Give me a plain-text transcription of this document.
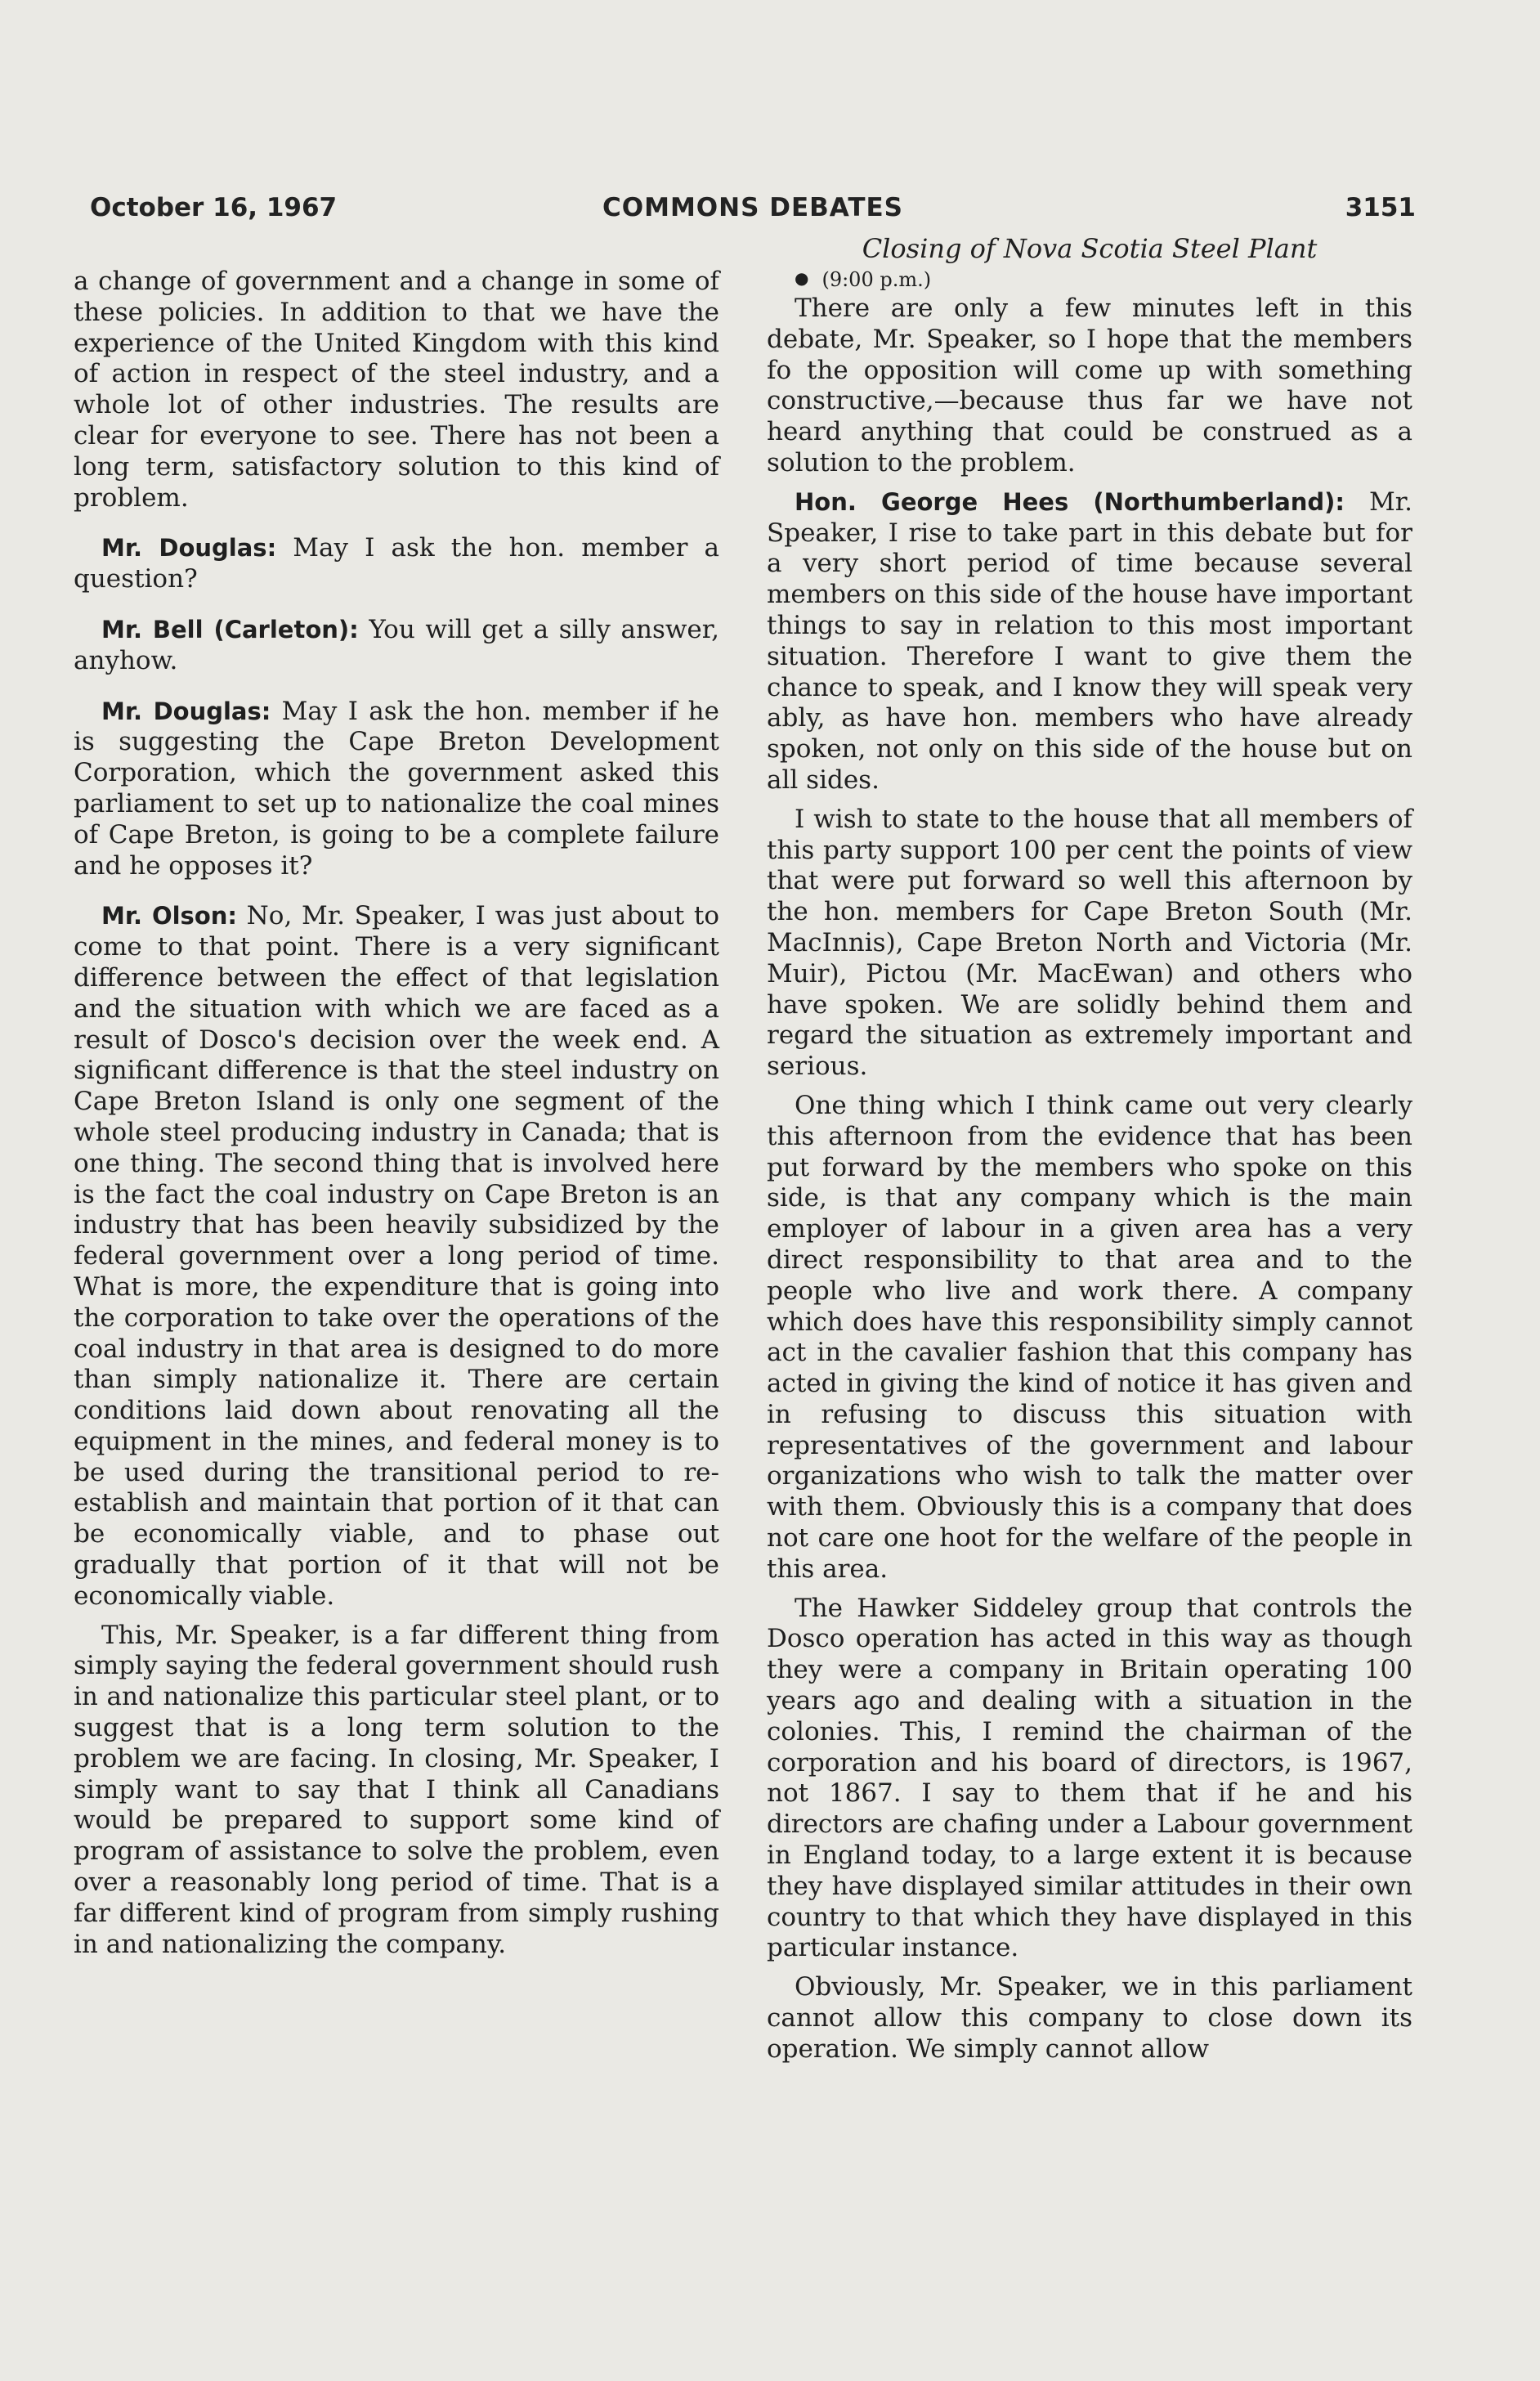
October 16, 1967	COMMONS DEBATES	3151
Closing of Nova Scotia Steel Plant

a change of government and a change in some of these policies. In addition to that we have the experience of the United Kingdom with this kind of action in respect of the steel industry, and a whole lot of other industries. The results are clear for everyone to see. There has not been a long term, satisfactory solution to this kind of problem.

Mr. Douglas: May I ask the hon. member a question?

Mr. Bell (Carleton): You will get a silly answer, anyhow.

Mr. Douglas: May I ask the hon. member if he is suggesting the Cape Breton Development Corporation, which the government asked this parliament to set up to nationalize the coal mines of Cape Breton, is going to be a complete failure and he opposes it?

Mr. Olson: No, Mr. Speaker, I was just about to come to that point. There is a very significant difference between the effect of that legislation and the situation with which we are faced as a result of Dosco's decision over the week end. A significant difference is that the steel industry on Cape Breton Island is only one segment of the whole steel producing industry in Canada; that is one thing. The second thing that is involved here is the fact the coal industry on Cape Breton is an industry that has been heavily subsidized by the federal government over a long period of time. What is more, the expenditure that is going into the corporation to take over the operations of the coal industry in that area is designed to do more than simply nationalize it. There are certain conditions laid down about renovating all the equipment in the mines, and federal money is to be used during the transitional period to re-establish and maintain that portion of it that can be economically viable, and to phase out gradually that portion of it that will not be economically viable.

This, Mr. Speaker, is a far different thing from simply saying the federal government should rush in and nationalize this particular steel plant, or to suggest that is a long term solution to the problem we are facing. In closing, Mr. Speaker, I simply want to say that I think all Canadians would be prepared to support some kind of program of assistance to solve the problem, even over a reasonably long period of time. That is a far different kind of program from simply rushing in and nationalizing the company.

● (9:00 p.m.)

There are only a few minutes left in this debate, Mr. Speaker, so I hope that the members fo the opposition will come up with something constructive,—because thus far we have not heard anything that could be construed as a solution to the problem.

Hon. George Hees (Northumberland): Mr. Speaker, I rise to take part in this debate but for a very short period of time because several members on this side of the house have important things to say in relation to this most important situation. Therefore I want to give them the chance to speak, and I know they will speak very ably, as have hon. members who have already spoken, not only on this side of the house but on all sides.

I wish to state to the house that all members of this party support 100 per cent the points of view that were put forward so well this afternoon by the hon. members for Cape Breton South (Mr. MacInnis), Cape Breton North and Victoria (Mr. Muir), Pictou (Mr. MacEwan) and others who have spoken. We are solidly behind them and regard the situation as extremely important and serious.

One thing which I think came out very clearly this afternoon from the evidence that has been put forward by the members who spoke on this side, is that any company which is the main employer of labour in a given area has a very direct responsibility to that area and to the people who live and work there. A company which does have this responsibility simply cannot act in the cavalier fashion that this company has acted in giving the kind of notice it has given and in refusing to discuss this situation with representatives of the government and labour organizations who wish to talk the matter over with them. Obviously this is a company that does not care one hoot for the welfare of the people in this area.

The Hawker Siddeley group that controls the Dosco operation has acted in this way as though they were a company in Britain operating 100 years ago and dealing with a situation in the colonies. This, I remind the chairman of the corporation and his board of directors, is 1967, not 1867. I say to them that if he and his directors are chafing under a Labour government in England today, to a large extent it is because they have displayed similar attitudes in their own country to that which they have displayed in this particular instance.

Obviously, Mr. Speaker, we in this parliament cannot allow this company to close down its operation. We simply cannot allow
